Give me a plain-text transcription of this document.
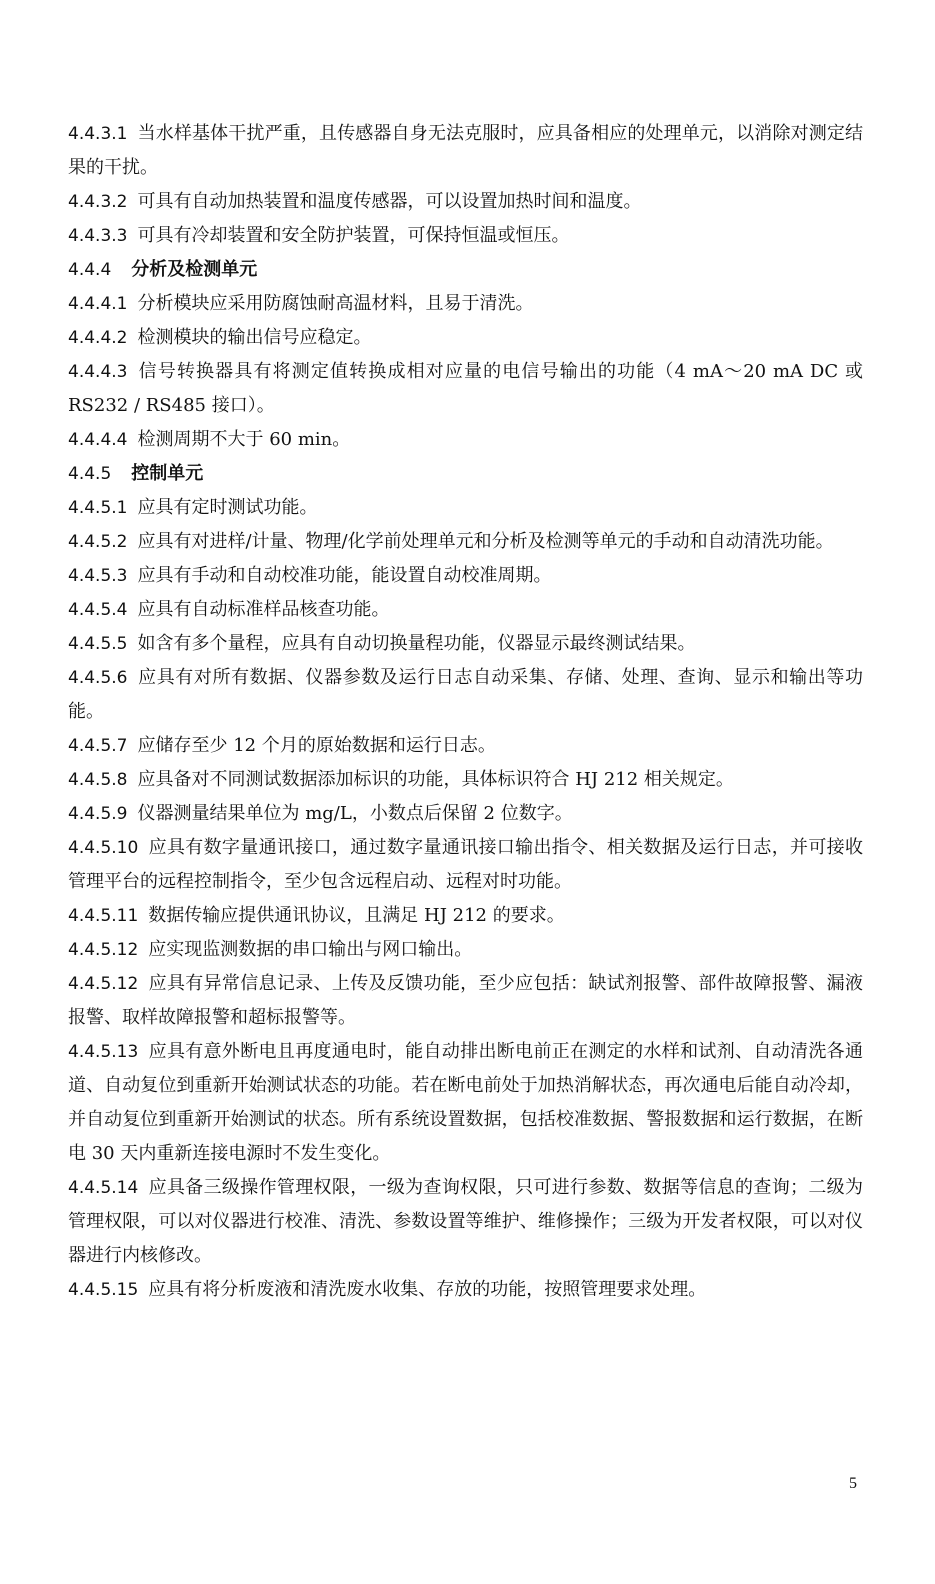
4.4.3.1 当水样基体干扰严重，且传感器自身无法克服时，应具备相应的处理单元，以消除对测定结果的干扰。

4.4.3.2 可具有自动加热装置和温度传感器，可以设置加热时间和温度。

4.4.3.3 可具有冷却装置和安全防护装置，可保持恒温或恒压。

4.4.4 分析及检测单元

4.4.4.1 分析模块应采用防腐蚀耐高温材料，且易于清洗。

4.4.4.2 检测模块的输出信号应稳定。

4.4.4.3 信号转换器具有将测定值转换成相对应量的电信号输出的功能（4 mA～20 mA DC 或 RS232 / RS485 接口）。

4.4.4.4 检测周期不大于 60 min。

4.4.5 控制单元

4.4.5.1 应具有定时测试功能。

4.4.5.2 应具有对进样/计量、物理/化学前处理单元和分析及检测等单元的手动和自动清洗功能。

4.4.5.3 应具有手动和自动校准功能，能设置自动校准周期。

4.4.5.4 应具有自动标准样品核查功能。

4.4.5.5 如含有多个量程，应具有自动切换量程功能，仪器显示最终测试结果。

4.4.5.6 应具有对所有数据、仪器参数及运行日志自动采集、存储、处理、查询、显示和输出等功能。

4.4.5.7 应储存至少 12 个月的原始数据和运行日志。

4.4.5.8 应具备对不同测试数据添加标识的功能，具体标识符合 HJ 212 相关规定。

4.4.5.9 仪器测量结果单位为 mg/L，小数点后保留 2 位数字。

4.4.5.10 应具有数字量通讯接口，通过数字量通讯接口输出指令、相关数据及运行日志，并可接收管理平台的远程控制指令，至少包含远程启动、远程对时功能。

4.4.5.11 数据传输应提供通讯协议，且满足 HJ 212 的要求。

4.4.5.12 应实现监测数据的串口输出与网口输出。

4.4.5.12 应具有异常信息记录、上传及反馈功能，至少应包括：缺试剂报警、部件故障报警、漏液报警、取样故障报警和超标报警等。

4.4.5.13 应具有意外断电且再度通电时，能自动排出断电前正在测定的水样和试剂、自动清洗各通道、自动复位到重新开始测试状态的功能。若在断电前处于加热消解状态，再次通电后能自动冷却，并自动复位到重新开始测试的状态。所有系统设置数据，包括校准数据、警报数据和运行数据，在断电 30 天内重新连接电源时不发生变化。

4.4.5.14 应具备三级操作管理权限，一级为查询权限，只可进行参数、数据等信息的查询；二级为管理权限，可以对仪器进行校准、清洗、参数设置等维护、维修操作；三级为开发者权限，可以对仪器进行内核修改。

4.4.5.15 应具有将分析废液和清洗废水收集、存放的功能，按照管理要求处理。

5
